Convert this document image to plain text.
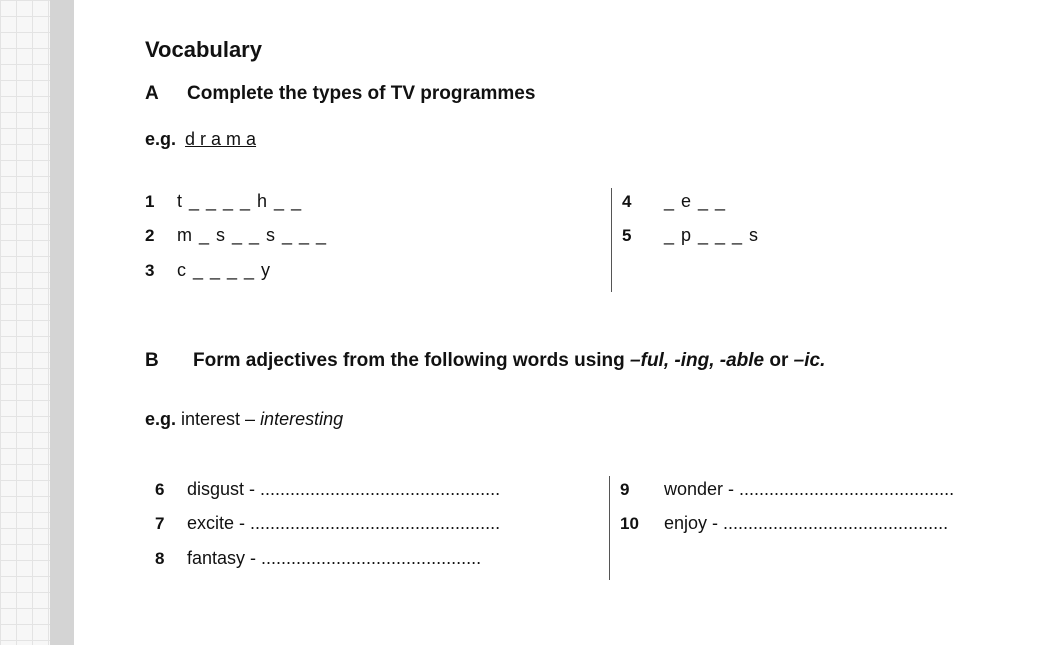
Vocabulary
A Complete the types of TV programmes
e.g. d r a m a
1 t _ _ _ _ h _ _
2 m _ s _ _ s _ _ _
3 c _ _ _ _ y
4 _ e _ _
5 _ p _ _ _ s
B Form adjectives from the following words using –ful, -ing, -able or –ic.
e.g. interest – interesting
6 disgust - ................................................
7 excite - ..................................................
8 fantasy - ............................................
9 wonder - ...........................................
10 enjoy - .............................................
